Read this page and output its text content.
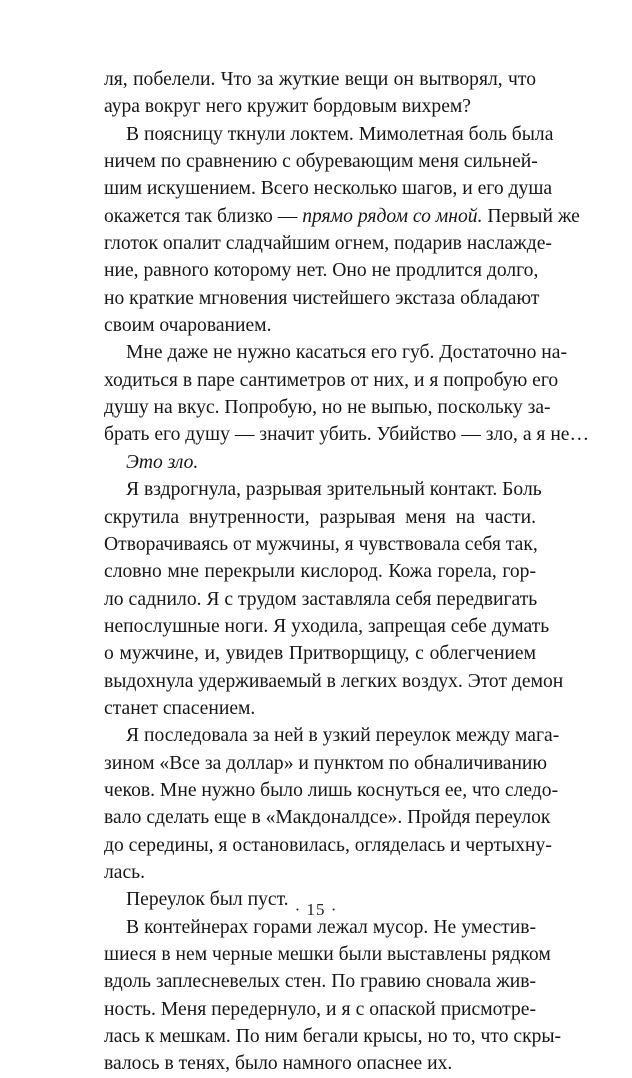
ля, побелели. Что за жуткие вещи он вытворял, что
аура вокруг него кружит бордовым вихрем?
В поясницу ткнули локтем. Мимолетная боль была
ничем по сравнению с обуревающим меня сильней-
шим искушением. Всего несколько шагов, и его душа
окажется так близко — прямо рядом со мной. Первый же
глоток опалит сладчайшим огнем, подарив наслажде-
ние, равного которому нет. Оно не продлится долго,
но краткие мгновения чистейшего экстаза обладают
своим очарованием.
Мне даже не нужно касаться его губ. Достаточно на-
ходиться в паре сантиметров от них, и я попробую его
душу на вкус. Попробую, но не выпью, поскольку за-
брать его душу — значит убить. Убийство — зло, а я не…
Это зло.
Я вздрогнула, разрывая зрительный контакт. Боль
скрутила внутренности, разрывая меня на части.
Отворачиваясь от мужчины, я чувствовала себя так,
словно мне перекрыли кислород. Кожа горела, гор-
ло саднило. Я с трудом заставляла себя передвигать
непослушные ноги. Я уходила, запрещая себе думать
о мужчине, и, увидев Притворщицу, с облегчением
выдохнула удерживаемый в легких воздух. Этот демон
станет спасением.
Я последовала за ней в узкий переулок между мага-
зином «Все за доллар» и пунктом по обналичиванию
чеков. Мне нужно было лишь коснуться ее, что следо-
вало сделать еще в «Макдоналдсе». Пройдя переулок
до середины, я остановилась, огляделась и чертыхну-
лась.
Переулок был пуст.
В контейнерах горами лежал мусор. Не уместив-
шиеся в нем черные мешки были выставлены рядком
вдоль заплесневелых стен. По гравию сновала жив-
ность. Меня передернуло, и я с опаской присмотре-
лась к мешкам. По ним бегали крысы, но то, что скры-
валось в тенях, было намного опаснее их.
· 15 ·
